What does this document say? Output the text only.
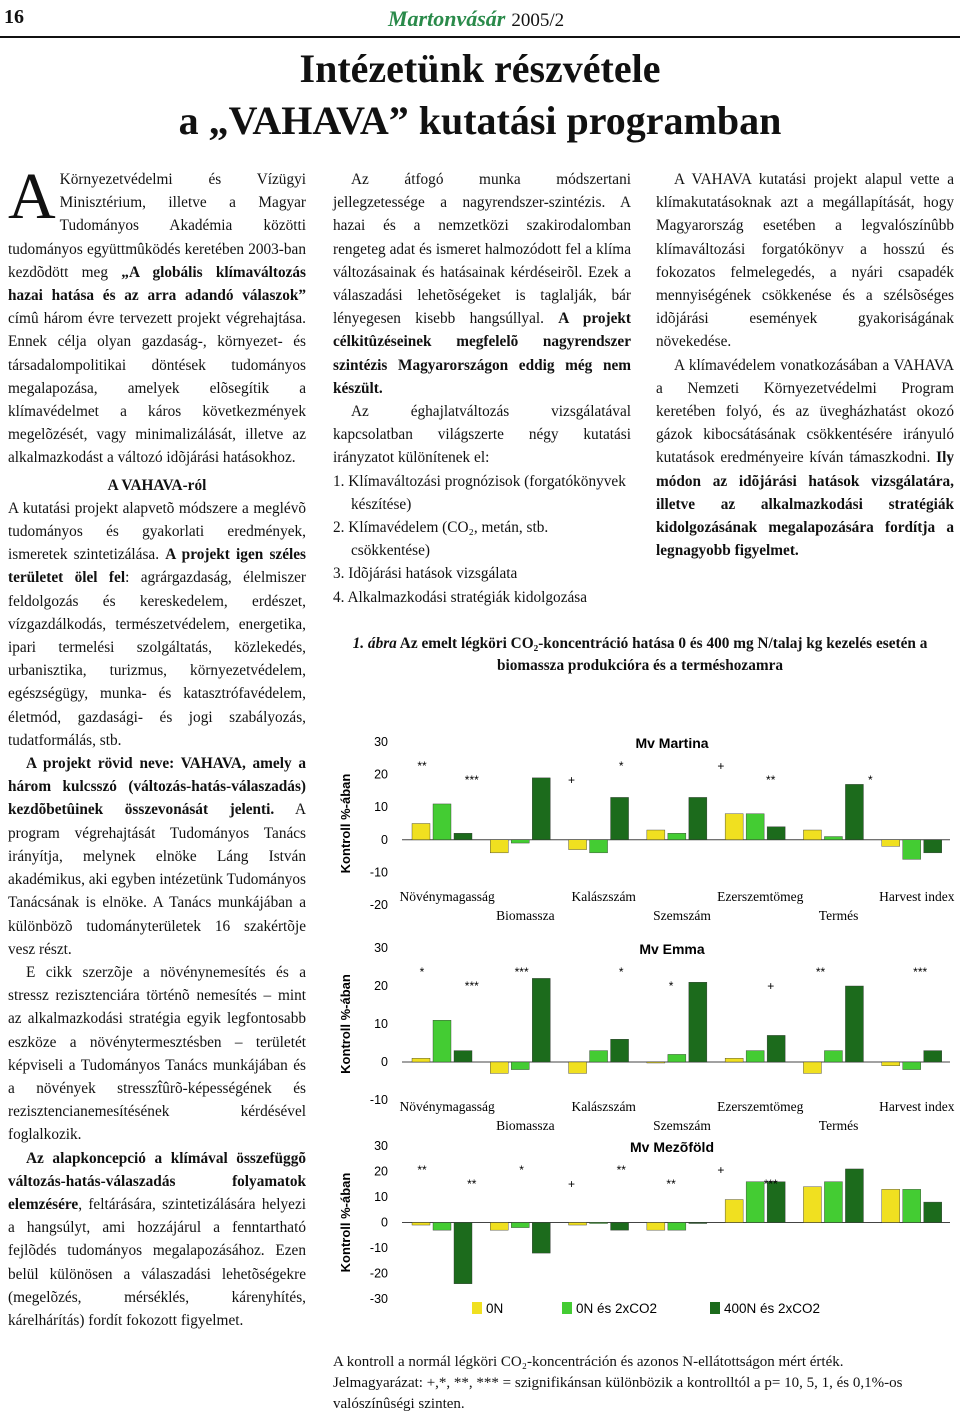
16	Martonvásár 2005/2
Intézetünk részvétele
a „VAHAVA” kutatási programban

A Környezetvédelmi és Vízügyi Minisztérium, illetve a Magyar Tudományos Akadémia közötti tudományos együttmûködés keretében 2003-ban kezdõdött meg „A globális klímaváltozás hazai hatása és az arra adandó válaszok” címû három évre tervezett projekt végrehajtása. Ennek célja olyan gazdaság-, környezet- és társadalompolitikai döntések tudományos megalapozása, amelyek elõsegítik a klímavédelmet a káros következmények megelõzését, vagy minimalizálását, illetve az alkalmazkodást a változó idõjárási hatásokhoz.

A VAHAVA-ról

A kutatási projekt alapvetõ módszere a meglévõ tudományos és gyakorlati eredmények, ismeretek szintetizálása. A projekt igen széles területet ölel fel: agrárgazdaság, élelmiszer feldolgozás és kereskedelem, erdészet, vízgazdálkodás, természetvédelem, energetika, ipari termelési szolgáltatás, közlekedés, urbanisztika, turizmus, környezetvédelem, egészségügy, munka- és katasztrófavédelem, életmód, gazdasági- és jogi szabályozás, tudatformálás, stb.

A projekt rövid neve: VAHAVA, amely a három kulcsszó (változás-hatás-válaszadás) kezdõbetûinek összevonását jelenti. A program végrehajtását Tudományos Tanács irányítja, melynek elnöke Láng István akadémikus, aki egyben intézetünk Tudományos Tanácsának is elnöke. A Tanács munkájában a különbözõ tudományterületek 16 szakértõje vesz részt.

E cikk szerzõje a növénynemesítés és a stressz rezisztenciára történõ nemesítés – mint az alkalmazkodási stratégia egyik legfontosabb eszköze a növénytermesztésben – területét képviseli a Tudományos Tanács munkájában és a növények stresszt̂ûrõ-képességének és rezisztencianemesítésének kérdésével foglalkozik.

Az alapkoncepció a klímával összefüggõ változás-hatás-válaszadás folyamatok elemzésére, feltárására, szintetizálására helyezi a hangsúlyt, ami hozzájárul a fenntartható fejlõdés tudományos megalapozásához. Ezen belül különösen a válaszadási lehetõségekre (megelõzés, mérséklés, kárenyhítés, kárelhárítás) fordít fokozott figyelmet.

Az átfogó munka módszertani jellegzetessége a nagyrendszer-szintézis. A hazai és a nemzetközi szakirodalomban rengeteg adat és ismeret halmozódott fel a klíma változásainak és hatásainak kérdéseirõl. Ezek a válaszadási lehetõségeket is taglalják, bár lényegesen kisebb hangsúllyal. A projekt célkitûzéseinek megfelelõ nagyrendszer szintézis Magyarországon eddig még nem készült.

Az éghajlatváltozás vizsgálatával kapcsolatban világszerte négy kutatási irányzatot különítenek el:

1. Klímaváltozási prognózisok (forgatókönyvek készítése)

2. Klímavédelem (CO₂, metán, stb. csökkentése)

3. Idõjárási hatások vizsgálata

4. Alkalmazkodási stratégiák kidolgozása

A VAHAVA kutatási projekt alapul vette a klímakutatásoknak azt a megállapítását, hogy Magyarország esetében a legvalószínûbb klímaváltozási forgatókönyv a hosszú és fokozatos felmelegedés, a nyári csapadék mennyiségének csökkenése és a szélsõséges idõjárási események gyakoriságának növekedése.

A klímavédelem vonatkozásában a VAHAVA a Nemzeti Környezetvédelmi Program keretében folyó, és az üvegházhatást okozó gázok kibocsátásának csökkentésére irányuló kutatások eredményeire kíván támaszkodni. Ily módon az idõjárási hatások vizsgálatára, illetve az alkalmazkodási stratégiák kidolgozásának megalapozására fordítja a legnagyobb figyelmet.

1. ábra Az emelt légköri CO₂-koncentráció hatása 0 és 400 mg N/talaj kg kezelés esetén a biomassza produkcióra és a terméshozamra
30
20
10
0
-10
-20
Kontroll %-ában
Mv Martina
**
***	+
*	+
**	*
Növénymagasság
Biomassza
Kalászszám
Szemszám
Ezerszemtömeg
Termés
Harvest index
30
20
10
0
-10
Kontroll %-ában
Mv Emma
*
***
***	*
*	+
**	***
Növénymagasság
Biomassza
Kalászszám
Szemszám
Ezerszemtömeg
Termés
Harvest index
30
20
10
0
-10
-20
-30
Kontroll %-ában
Mv Mezõföld
**
**
*
+
**
**
+
***
0N	0N és 2xCO2	400N és 2xCO2
A kontroll a normál légköri CO₂-koncentráción és azonos N-ellátottságon mért érték.
Jelmagyarázat: +,*, **, *** = szignifikánsan különbözik a kontrolltól a p= 10, 5, 1, és 0,1%-os valószínûségi szinten.
